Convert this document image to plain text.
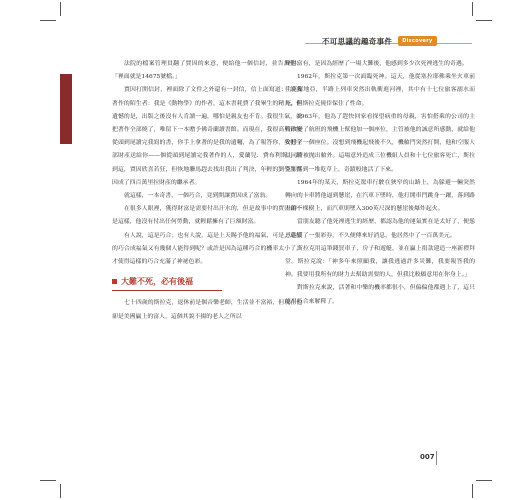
不可思議的趣奇事件	Discovery

法院的檔案管理員翻了賈因的來意，便給他一個信封，並告訴他：「裡面就是14675號檔。」

賈因打開信封，裡面除了文件之外還有一封信，信上面寫道：「讀我著作的陌生者：我是《動物學》的作者，這本書耗費了我畢生的精力，但遺憾的是，出版之後沒有人肯讀一遍，哪怕是親友也不肯。我很生氣，就把著作全部燒了，唯留下一本贈予佛奇蘭讀書館。而現在，我很高興你能從頭到尾讀完我寫的書，你手上拿著的是我的遺囑，為了報答你，我把全部財產送給你——個從頭到尾讀完我著作的人，愛蘭兒．費布利斯。」讀到這，賈因欣喜若狂，但恢地聯馬趕去找出我出了判決，年輕的劉學生賈因成了四百萬里拉財產的繼承者。

就這樣，一本奇書，一個巧合，竟到開讓賈因成了富翁。

在很多人眼裡，獲得財富是需要付出汗水的，但是故事中的賈因卻不是這樣，他沒有付出任何勞動，就輕鬆擁有了巨額財富。

有人說，這是巧合；也有人說，這是上天賜予他的福氣，可是，這樣的巧合成福氣又有幾個人能得到呢？或許是因為這種巧合的機率太小了，才使得這樣的巧合充滿了神祕色彩。

大難不死，必有後福

七十四歲的斯拉克，退休前是個音樂老師，生活並不富裕，但現在他卻是美國贏上的富人，這個其貌不揚的老人之所以

變得富有，是因為經歷了一場大難後，他感到多少次死裡逃生的奇遇。

1962年，斯拉克第一次面臨死神。這天，他從塞拉耶佛乘坐火車前往克羅地亞，半路上列車突然出軌衝進河裡，其中有十七位旅客溺水而死，但斯拉克僥倖保住了性命。

1963年，他為了趕快回家看探望病重的母親，害怕搭乘的公司的主管改變了航班的飛機上幫他加一個座位，主管被他的誠意所感動，就給他安排了一個座位。沒想到飛機起飛後不久，機艙門突然打開，他和空服人員同時被抛出艙外。這場意外造成三位機組人員和十七位旅客死亡，斯拉克卻落到一堆乾草上，奇蹟般地活了下來。

1964年的某天，斯拉克駕車行駛在狹窄的山路上，為躲避一輛突然轉向的卡車將他逼到懸崖，在汽車下墜時，他打開車門跳身一躍，落到路上的一棵樹上，而汽車則墜入300英尺深的懸崖後爆炸起火。

當朋友聽了他死裡逃生的經歷，都認為他的運氣實在是太好了，便慫恿他買了一張彩券，不久便傳來好消息，他居然中了一百萬美元。

斯拉克用這筆錢買車子、房子和遊艇，並在贏上捐款建造一座新禮拜堂。斯拉克說：「神多年來照顧我，讓我逃過許多災難，我要報答我的神。我要用我所有的財力去幫助需要的人，但我比較願意用在你身上。」

對斯拉克來說，活著和中樂的機率都很小，但偏偏他都遇上了，這只能用巧合來解釋了。

007
